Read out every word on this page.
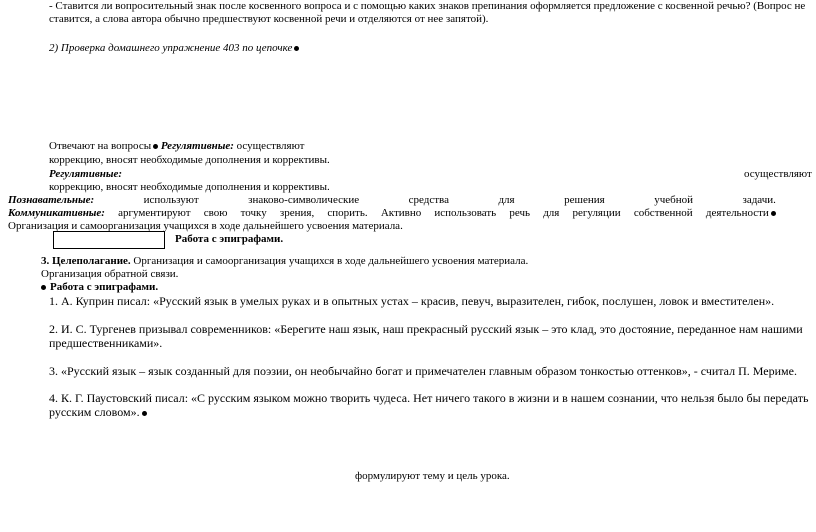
- Ставится ли вопросительный знак после косвенного вопроса и с помощью каких знаков препинания оформляется предложение с косвенной речью? (Вопрос не
ставится, а слова автора обычно предшествуют косвенной речи и отделяются от нее запятой).
2) Проверка домашнего упражнение 403 по цепочке
Отвечают на вопросы Регулятивные: осуществляют
коррекцию, вносят необходимые дополнения и коррективы.
Регулятивные:	осуществляют
коррекцию, вносят необходимые дополнения и коррективы.
Познавательные:	используют	знаково-символические	средства	для	решения	учебной	задачи.
Коммуникативные: аргументируют свою точку зрения, спорить. Активно использовать речь для регуляции собственной деятельности
Организация и самоорганизация учащихся в ходе дальнейшего усвоения материала.
Работа с эпиграфами.
3. Целеполагание. Организация и самоорганизация учащихся в ходе дальнейшего усвоения материала.
Организация обратной связи.
Работа с эпиграфами.
1. А. Куприн писал: «Русский язык в умелых руках и в опытных устах – красив, певуч, выразителен, гибок, послушен, ловок и вместителен».
2. И. С. Тургенев призывал современников: «Берегите наш язык, наш прекрасный русский язык – это клад, это достояние, переданное нам нашими
предшественниками».
3. «Русский язык – язык созданный для поэзии, он необычайно богат и примечателен главным образом тонкостью оттенков», - считал П. Мериме.
4. К. Г. Паустовский писал: «С русским языком можно творить чудеса. Нет ничего такого в жизни и в нашем сознании, что нельзя было бы передать
русским словом».
формулируют тему и цель урока.
